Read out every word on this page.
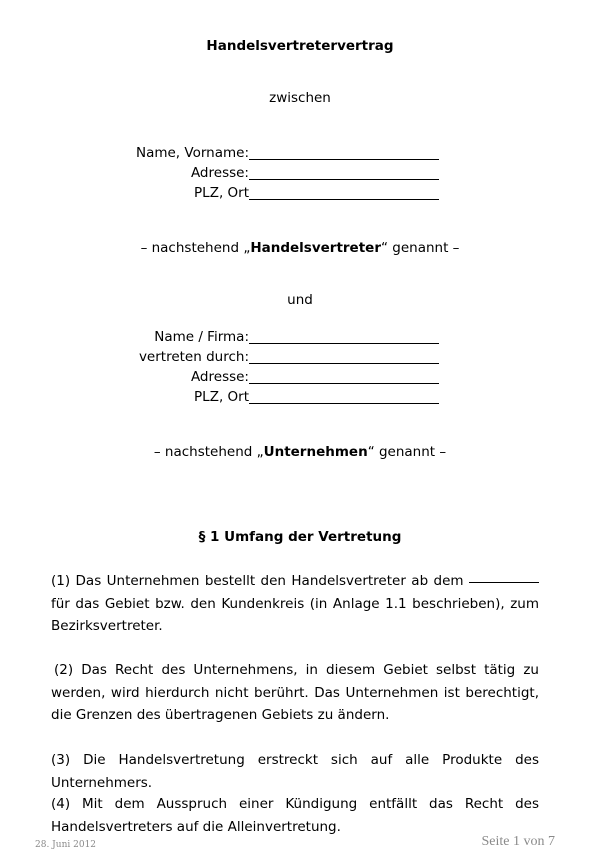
Handelsvertretervertrag
zwischen
Name, Vorname:
Adresse:
PLZ, Ort
– nachstehend „Handelsvertreter“ genannt –
und
Name / Firma:
vertreten durch:
Adresse:
PLZ, Ort
– nachstehend „Unternehmen“ genannt –
§ 1 Umfang der Vertretung
(1) Das Unternehmen bestellt den Handelsvertreter ab dem  für das Gebiet bzw. den Kundenkreis (in Anlage 1.1 beschrieben), zum Bezirksvertreter.
(2) Das Recht des Unternehmens, in diesem Gebiet selbst tätig zu werden, wird hierdurch nicht berührt. Das Unternehmen ist berechtigt, die Grenzen des übertragenen Gebiets zu ändern.
(3) Die Handelsvertretung erstreckt sich auf alle Produkte des Unternehmers.
(4) Mit dem Ausspruch einer Kündigung entfällt das Recht des Handelsvertreters auf die Alleinvertretung.
28. Juni 2012	Seite 1 von 7
